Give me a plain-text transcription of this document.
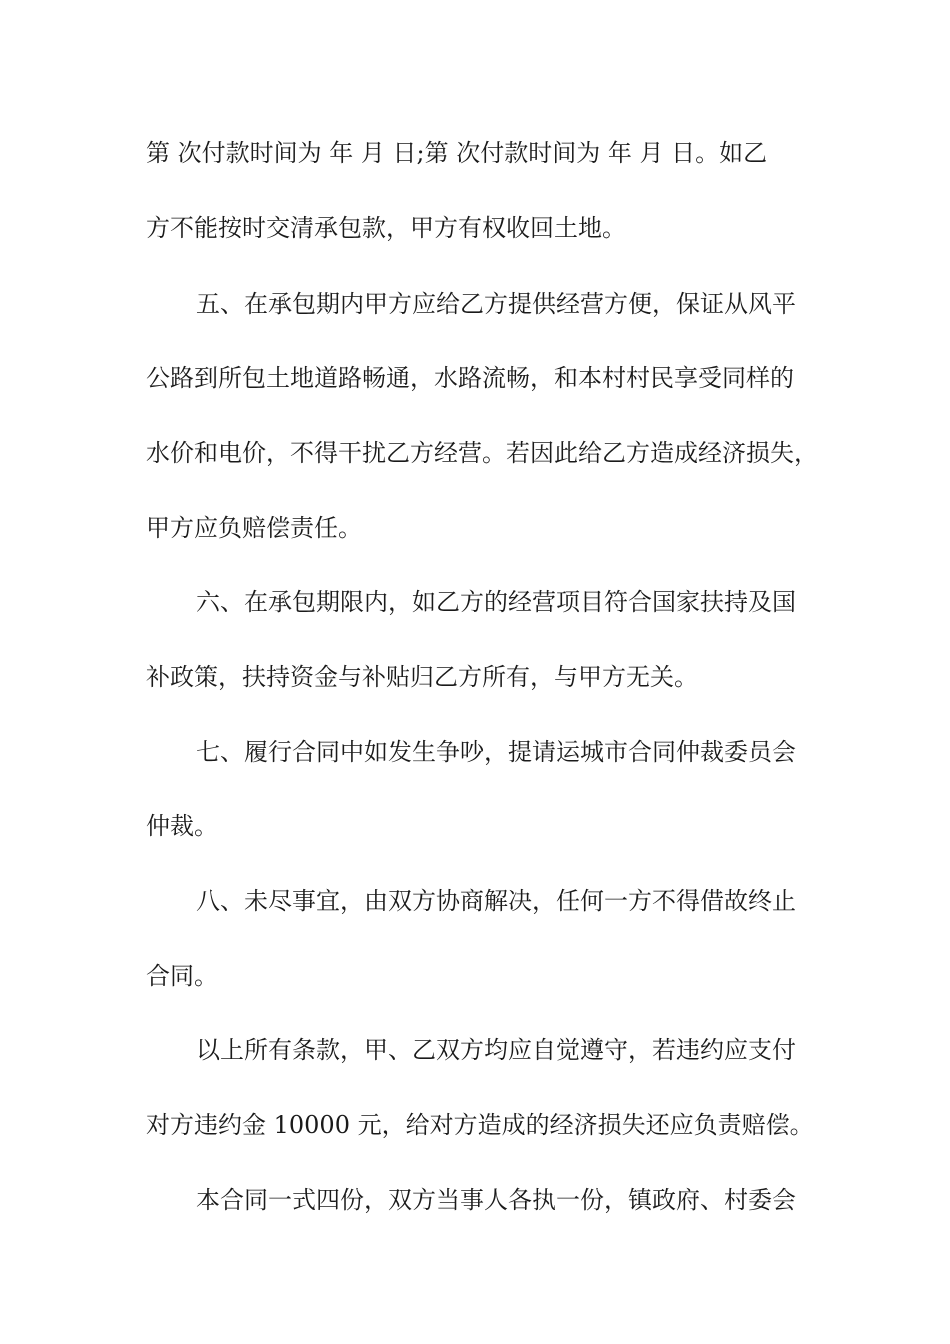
第 次付款时间为 年 月 日;第 次付款时间为 年 月 日。如乙
方不能按时交清承包款，甲方有权收回土地。
五、在承包期内甲方应给乙方提供经营方便，保证从风平
公路到所包土地道路畅通，水路流畅，和本村村民享受同样的
水价和电价，不得干扰乙方经营。若因此给乙方造成经济损失，
甲方应负赔偿责任。
六、在承包期限内，如乙方的经营项目符合国家扶持及国
补政策，扶持资金与补贴归乙方所有，与甲方无关。
七、履行合同中如发生争吵，提请运城市合同仲裁委员会
仲裁。
八、未尽事宜，由双方协商解决，任何一方不得借故终止
合同。
以上所有条款，甲、乙双方均应自觉遵守，若违约应支付
对方违约金 10000 元，给对方造成的经济损失还应负责赔偿。
本合同一式四份，双方当事人各执一份，镇政府、村委会
